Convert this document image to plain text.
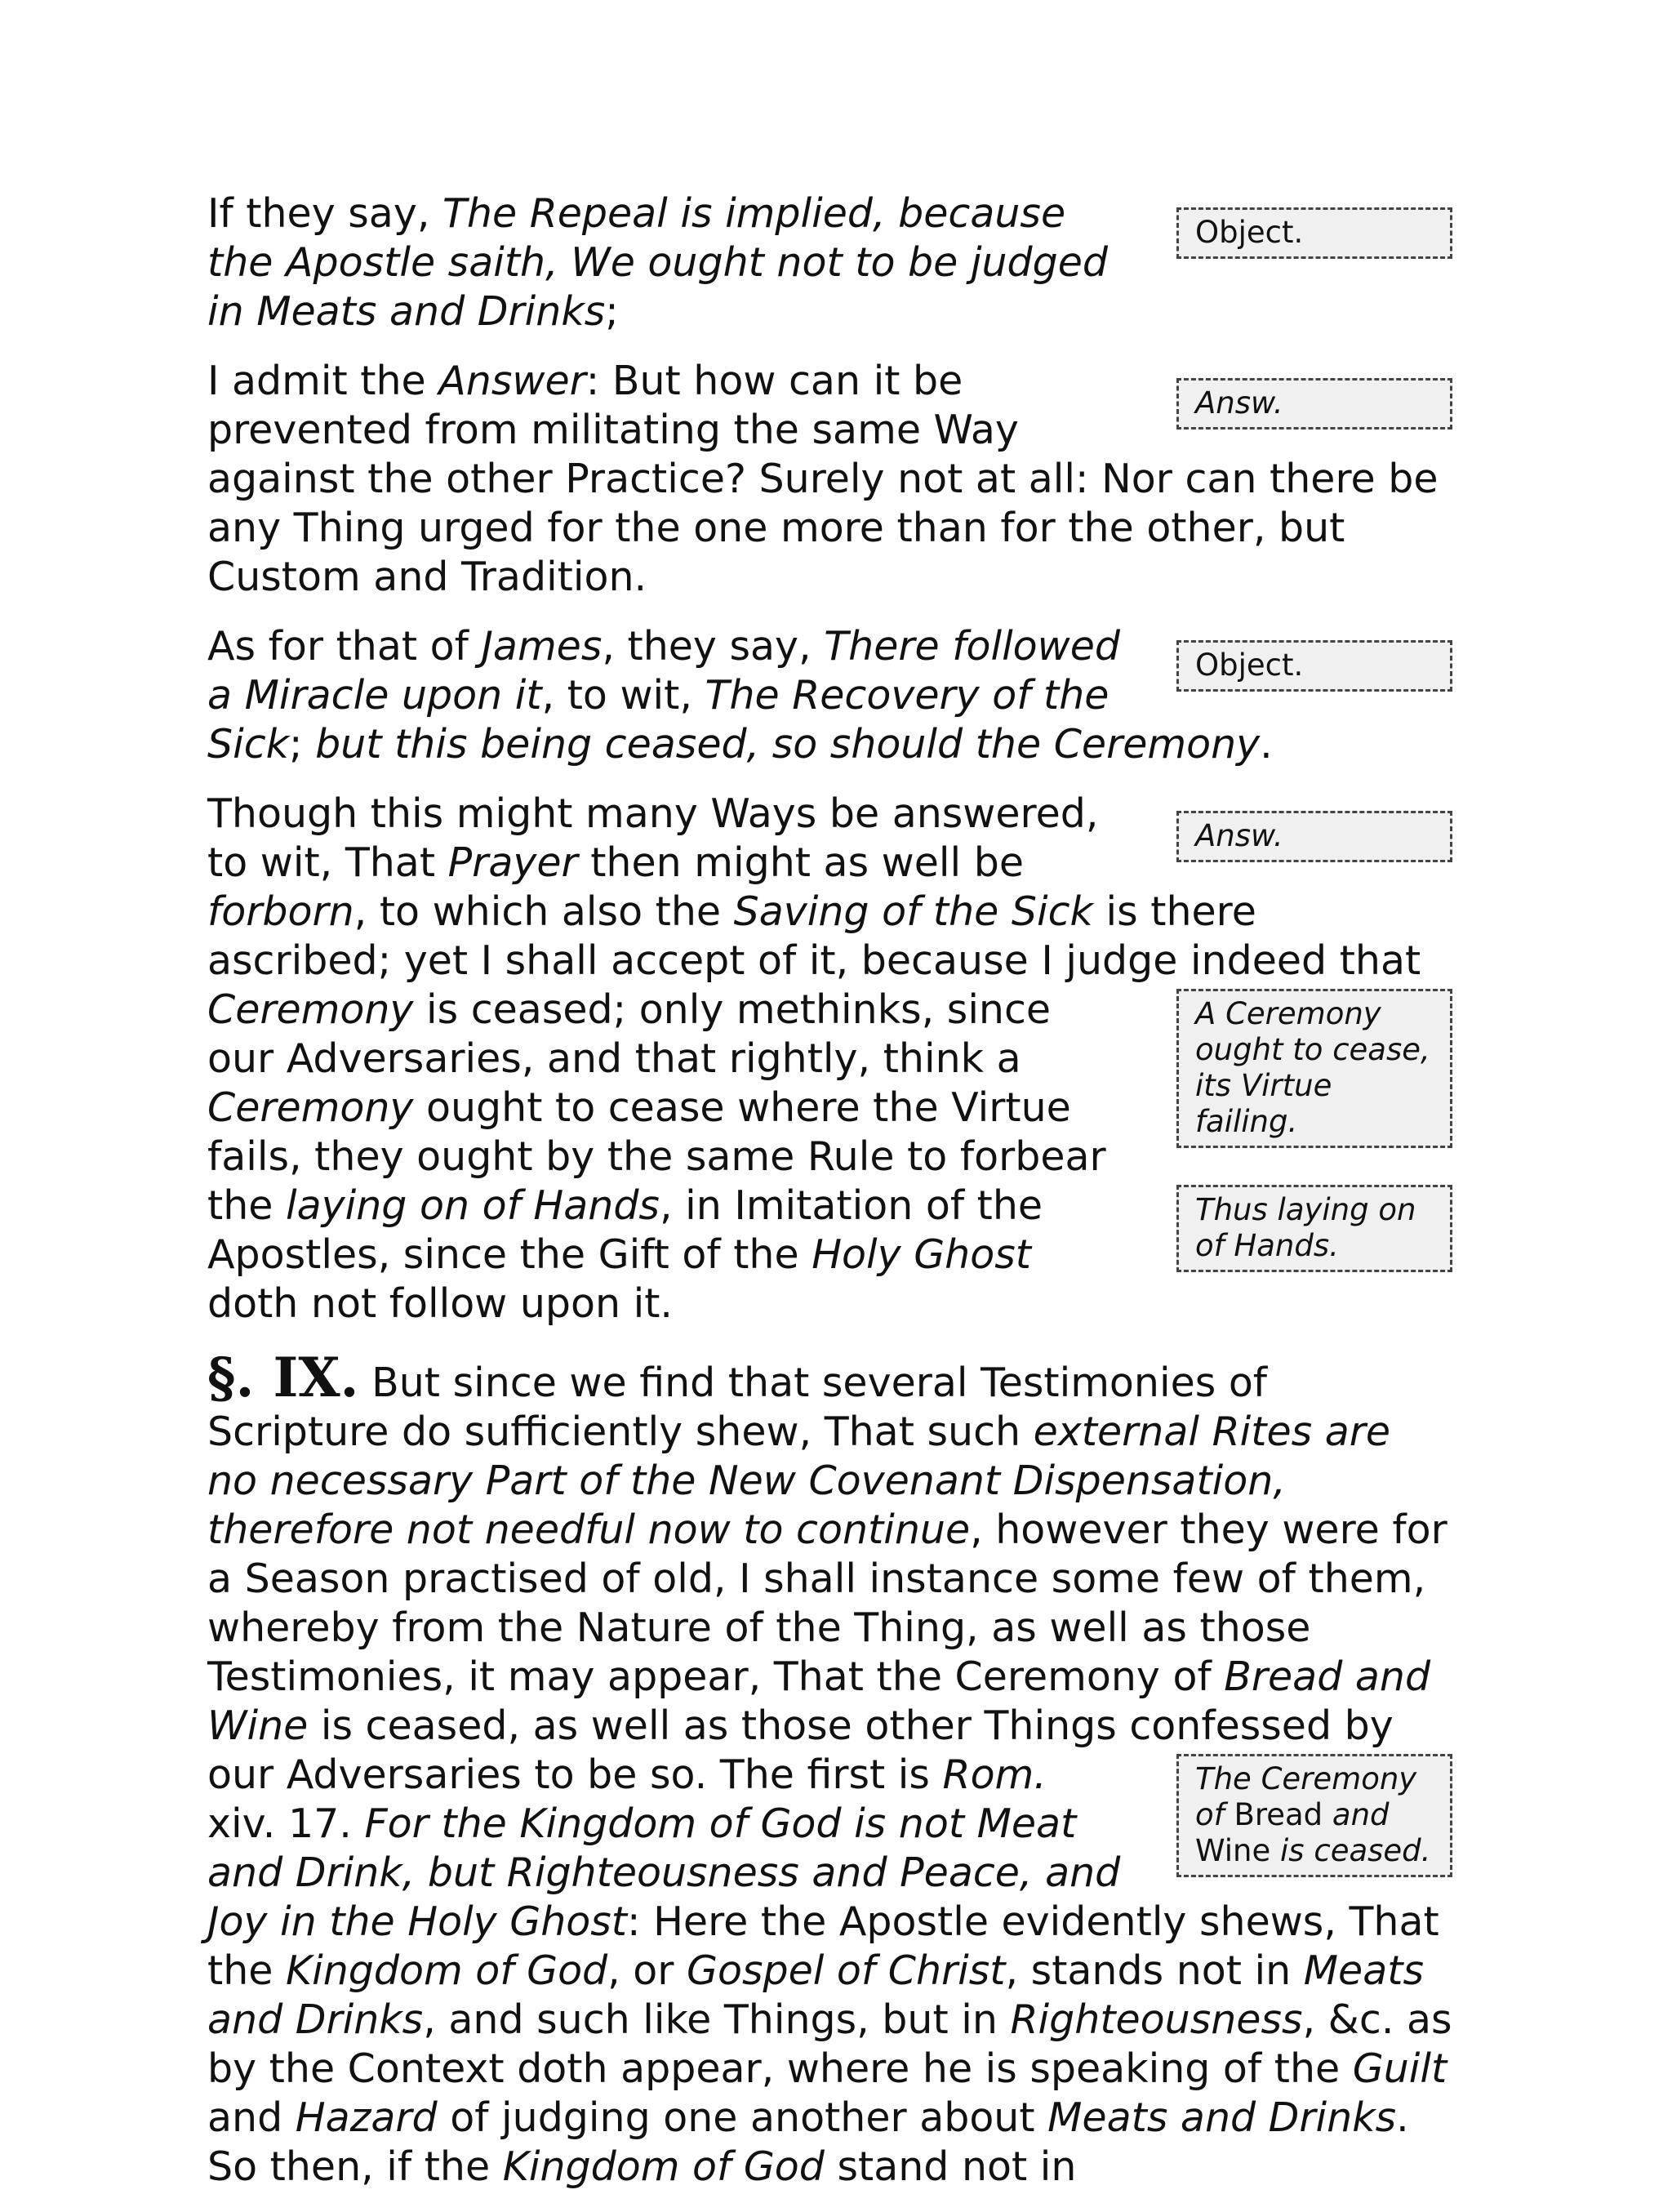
Object.
If they say, The Repeal is implied, because the Apostle saith, We ought not to be judged in Meats and Drinks;

Answ.
I admit the Answer: But how can it be prevented from militating the same Way against the other Practice? Surely not at all: Nor can there be any Thing urged for the one more than for the other, but Custom and Tradition.

Object.
As for that of James, they say, There followed a Miracle upon it, to wit, The Recovery of the Sick; but this being ceased, so should the Ceremony.

Answ.
Though this might many Ways be answered, to wit, That Prayer then might as well be forborn, to which also the Saving of the Sick is there ascribed; yet I shall accept of it, because I judge indeed that
A Ceremony ought to cease, its Virtue failing.
Ceremony is ceased; only methinks, since our Adversaries, and that rightly, think a Ceremony ought to cease where the Virtue fails, they ought by the same Rule to forbear the laying on of Hands	Thus laying on of Hands.
, in Imitation of the Apostles, since the Gift of the Holy Ghost doth not follow upon it.

§. IX. But since we find that several Testimonies of Scripture do sufficiently shew, That such external Rites are no necessary Part of the New Covenant Dispensation, therefore not needful now to continue, however they were for a Season practised of old, I shall instance some few of them, whereby from the Nature of the Thing, as well as those Testimonies, it may appear, That the Ceremony of Bread and Wine is ceased, as well as those other Things confessed by our Adversaries to be so. The first is	The Ceremony of Bread and Wine is ceased.
Rom. xiv. 17. For the Kingdom of God is not Meat and Drink, but Righteousness and Peace, and Joy in the Holy Ghost: Here the Apostle evidently shews, That the Kingdom of God, or Gospel of Christ, stands not in Meats and Drinks, and such like Things, but in Righteousness, &c. as by the Context doth appear, where he is speaking of the Guilt and Hazard of judging one another about Meats and Drinks. So then, if the Kingdom of God stand not in
